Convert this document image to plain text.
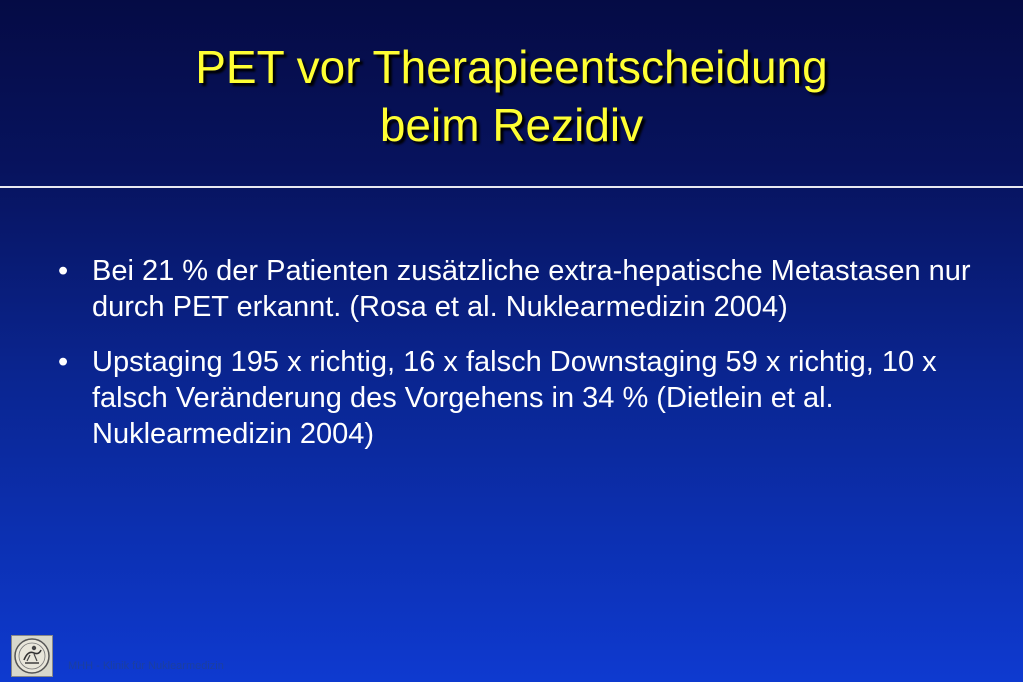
PET vor Therapieentscheidung
beim Rezidiv
• Bei 21 % der Patienten zusätzliche extra-hepatische Metastasen nur durch PET erkannt. (Rosa et al. Nuklearmedizin 2004)
• Upstaging 195 x richtig, 16 x falsch Downstaging 59 x richtig, 10 x falsch Veränderung des Vorgehens in 34 % (Dietlein et al. Nuklearmedizin 2004)
MHH - Klinik für Nuklearmedizin
